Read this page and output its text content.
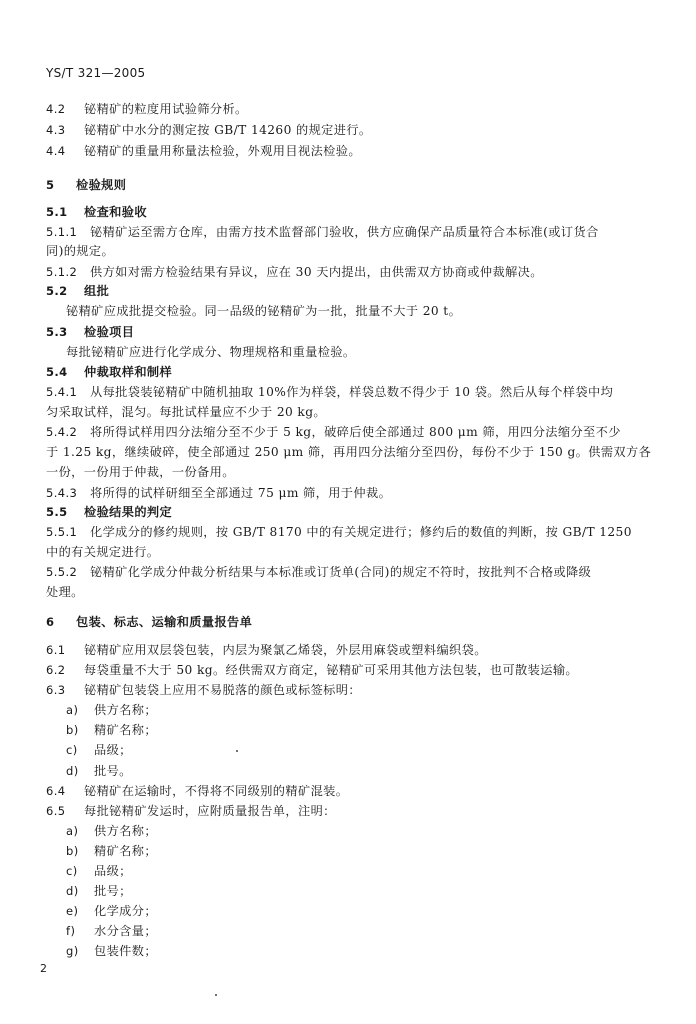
YS/T 321—2005
4.2 铋精矿的粒度用试验筛分析。
4.3 铋精矿中水分的测定按 GB/T 14260 的规定进行。
4.4 铋精矿的重量用称量法检验，外观用目视法检验。
5 检验规则
5.1 检查和验收
5.1.1 铋精矿运至需方仓库，由需方技术监督部门验收，供方应确保产品质量符合本标准(或订货合
同)的规定。
5.1.2 供方如对需方检验结果有异议，应在 30 天内提出，由供需双方协商或仲裁解决。
5.2 组批
铋精矿应成批提交检验。同一品级的铋精矿为一批，批量不大于 20 t。
5.3 检验项目
每批铋精矿应进行化学成分、物理规格和重量检验。
5.4 仲裁取样和制样
5.4.1 从每批袋装铋精矿中随机抽取 10%作为样袋，样袋总数不得少于 10 袋。然后从每个样袋中均
匀采取试样，混匀。每批试样量应不少于 20 kg。
5.4.2 将所得试样用四分法缩分至不少于 5 kg，破碎后使全部通过 800 μm 筛，用四分法缩分至不少
于 1.25 kg，继续破碎，使全部通过 250 μm 筛，再用四分法缩分至四份，每份不少于 150 g。供需双方各
一份，一份用于仲裁，一份备用。
5.4.3 将所得的试样研细至全部通过 75 μm 筛，用于仲裁。
5.5 检验结果的判定
5.5.1 化学成分的修约规则，按 GB/T 8170 中的有关规定进行；修约后的数值的判断，按 GB/T 1250
中的有关规定进行。
5.5.2 铋精矿化学成分仲裁分析结果与本标准或订货单(合同)的规定不符时，按批判不合格或降级
处理。
6 包装、标志、运输和质量报告单
6.1 铋精矿应用双层袋包装，内层为聚氯乙烯袋，外层用麻袋或塑料编织袋。
6.2 每袋重量不大于 50 kg。经供需双方商定，铋精矿可采用其他方法包装，也可散装运输。
6.3 铋精矿包装袋上应用不易脱落的颜色或标签标明：
a) 供方名称；
b) 精矿名称；
c) 品级；
d) 批号。
6.4 铋精矿在运输时，不得将不同级别的精矿混装。
6.5 每批铋精矿发运时，应附质量报告单，注明：
a) 供方名称；
b) 精矿名称；
c) 品级；
d) 批号；
e) 化学成分；
f) 水分含量；
g) 包装件数；
2
